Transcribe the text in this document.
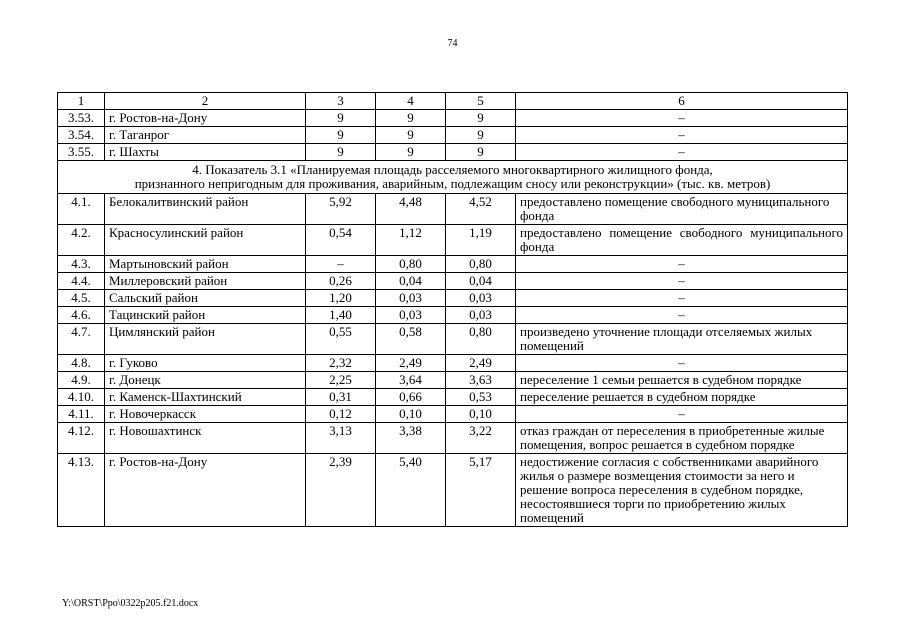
74
1	2	3	4	5	6
3.53.	г. Ростов-на-Дону	9	9	9	–
3.54.	г. Таганрог	9	9	9	–
3.55.	г. Шахты	9	9	9	–

4. Показатель 3.1 «Планируемая площадь расселяемого многоквартирного жилищного фонда,
признанного непригодным для проживания, аварийным, подлежащим сносу или реконструкции» (тыс. кв. метров)					

4.1.	Белокалитвинский район	5,92	4,48	4,52	предоставлено помещение свободного муниципального фонда
4.2.	Красносулинский район	0,54	1,12	1,19	предоставлено помещение свободного муниципального фонда
4.3.	Мартыновский район	–	0,80	0,80	–
4.4.	Миллеровский район	0,26	0,04	0,04	–
4.5.	Сальский район	1,20	0,03	0,03	–
4.6.	Тацинский район	1,40	0,03	0,03	–
4.7.	Цимлянский район	0,55	0,58	0,80	произведено уточнение площади отселяемых жилых помещений
4.8.	г. Гуково	2,32	2,49	2,49	–
4.9.	г. Донецк	2,25	3,64	3,63	переселение 1 семьи решается в судебном порядке
4.10.	г. Каменск-Шахтинский	0,31	0,66	0,53	переселение решается в судебном порядке
4.11.	г. Новочеркасск	0,12	0,10	0,10	–
4.12.	г. Новошахтинск	3,13	3,38	3,22	отказ граждан от переселения в приобретенные жилые помещения, вопрос решается в судебном порядке
4.13.	г. Ростов-на-Дону	2,39	5,40	5,17	недостижение согласия с собственниками аварийного жилья о размере возмещения стоимости за него и решение вопроса переселения в судебном порядке, несостоявшиеся торги по приобретению жилых помещений
Y:\ORST\Ppo\0322p205.f21.docx
